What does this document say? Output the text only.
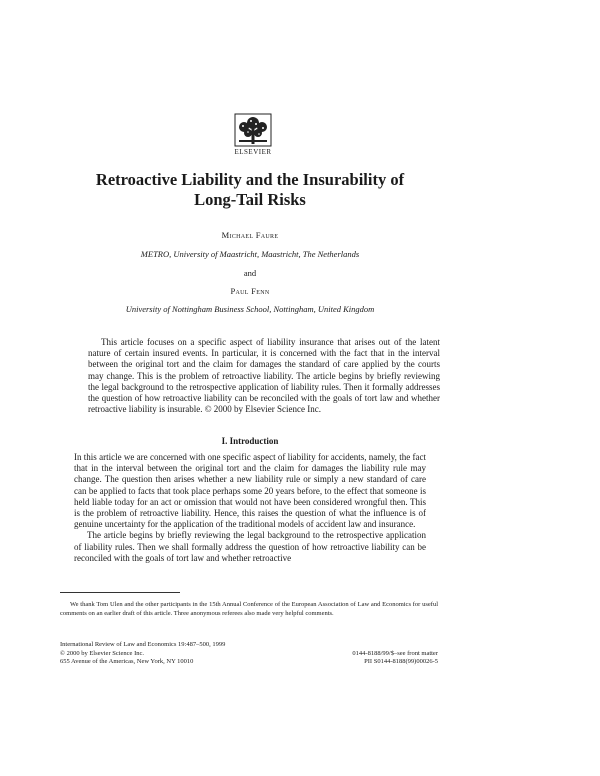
ELSEVIER
Retroactive Liability and the Insurability of
Long-Tail Risks
Michael Faure
METRO, University of Maastricht, Maastricht, The Netherlands
and
Paul Fenn
University of Nottingham Business School, Nottingham, United Kingdom

This article focuses on a specific aspect of liability insurance that arises out of the latent nature of certain insured events. In particular, it is concerned with the fact that in the interval between the original tort and the claim for damages the standard of care applied by the courts may change. This is the problem of retroactive liability. The article begins by briefly reviewing the legal background to the retrospective application of liability rules. Then it formally addresses the question of how retroactive liability can be reconciled with the goals of tort law and whether retroactive liability is insurable. © 2000 by Elsevier Science Inc.

I. Introduction

In this article we are concerned with one specific aspect of liability for accidents, namely, the fact that in the interval between the original tort and the claim for damages the liability rule may change. The question then arises whether a new liability rule or simply a new standard of care can be applied to facts that took place perhaps some 20 years before, to the effect that someone is held liable today for an act or omission that would not have been considered wrongful then. This is the problem of retroactive liability. Hence, this raises the question of what the influence is of genuine uncertainty for the application of the traditional models of accident law and insurance.

The article begins by briefly reviewing the legal background to the retrospective application of liability rules. Then we shall formally address the question of how retroactive liability can be reconciled with the goals of tort law and whether retroactive

We thank Tom Ulen and the other participants in the 15th Annual Conference of the European Association of Law and Economics for useful comments on an earlier draft of this article. Three anonymous referees also made very helpful comments.

International Review of Law and Economics 19:487–500, 1999
© 2000 by Elsevier Science Inc.	0144-8188/99/$–see front matter
655 Avenue of the Americas, New York, NY 10010	PII S0144-8188(99)00026-5
